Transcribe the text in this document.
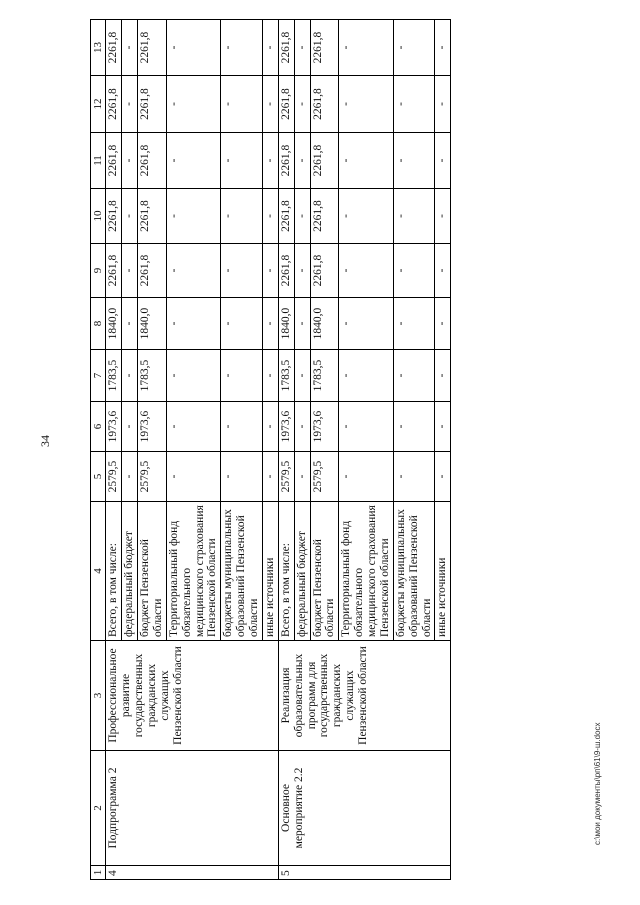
34
c:\мои документы\рп\61\9-ш.docx
1	2	3	4	5	6	7	8	9	10	11	12	13
4	Подпрограмма 2	Профессиональное развитие государственных гражданских служащих Пензенской области	Всего, в том числе:	2579,5	1973,6	1783,5	1840,0	2261,8	2261,8	2261,8	2261,8	2261,8
			федеральный бюджет	-	-	-	-	-	-	-	-	-
			бюджет Пензенской области	2579,5	1973,6	1783,5	1840,0	2261,8	2261,8	2261,8	2261,8	2261,8
			Территориальный фонд обязательного медицинского страхования Пензенской области	-	-	-	-	-	-	-	-	-
			бюджеты муниципальных образований Пензенской области	-	-	-	-	-	-	-	-	-
			иные источники	-	-	-	-	-	-	-	-	-
5	Основное мероприятие 2.2	Реализация образовательных программ для государственных гражданских служащих Пензенской области	Всего, в том числе:	2579,5	1973,6	1783,5	1840,0	2261,8	2261,8	2261,8	2261,8	2261,8
			федеральный бюджет	-	-	-	-	-	-	-	-	-
			бюджет Пензенской области	2579,5	1973,6	1783,5	1840,0	2261,8	2261,8	2261,8	2261,8	2261,8
			Территориальный фонд обязательного медицинского страхования Пензенской области	-	-	-	-	-	-	-	-	-
			бюджеты муниципальных образований Пензенской области	-	-	-	-	-	-	-	-	-
			иные источники	-	-	-	-	-	-	-	-	-
